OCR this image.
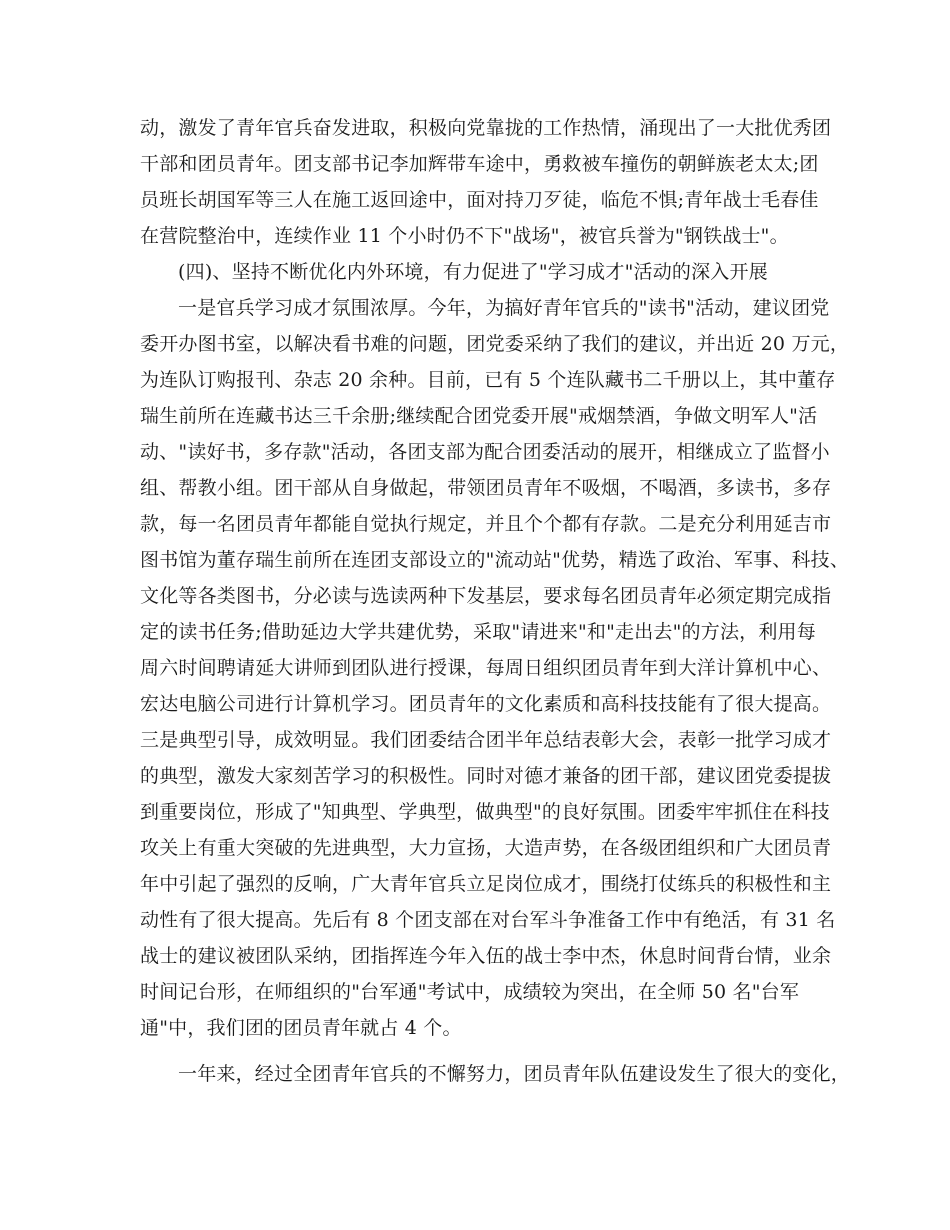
动，激发了青年官兵奋发进取，积极向党靠拢的工作热情，涌现出了一大批优秀团
干部和团员青年。团支部书记李加辉带车途中，勇救被车撞伤的朝鲜族老太太;团
员班长胡国军等三人在施工返回途中，面对持刀歹徒，临危不惧;青年战士毛春佳
在营院整治中，连续作业 11 个小时仍不下"战场"，被官兵誉为"钢铁战士"。
(四)、坚持不断优化内外环境，有力促进了"学习成才"活动的深入开展
一是官兵学习成才氛围浓厚。今年，为搞好青年官兵的"读书"活动，建议团党
委开办图书室，以解决看书难的问题，团党委采纳了我们的建议，并出近 20 万元，
为连队订购报刊、杂志 20 余种。目前，已有 5 个连队藏书二千册以上，其中董存
瑞生前所在连藏书达三千余册;继续配合团党委开展"戒烟禁酒，争做文明军人"活
动、"读好书，多存款"活动，各团支部为配合团委活动的展开，相继成立了监督小
组、帮教小组。团干部从自身做起，带领团员青年不吸烟，不喝酒，多读书，多存
款，每一名团员青年都能自觉执行规定，并且个个都有存款。二是充分利用延吉市
图书馆为董存瑞生前所在连团支部设立的"流动站"优势，精选了政治、军事、科技、
文化等各类图书，分必读与选读两种下发基层，要求每名团员青年必须定期完成指
定的读书任务;借助延边大学共建优势，采取"请进来"和"走出去"的方法，利用每
周六时间聘请延大讲师到团队进行授课，每周日组织团员青年到大洋计算机中心、
宏达电脑公司进行计算机学习。团员青年的文化素质和高科技技能有了很大提高。
三是典型引导，成效明显。我们团委结合团半年总结表彰大会，表彰一批学习成才
的典型，激发大家刻苦学习的积极性。同时对德才兼备的团干部，建议团党委提拔
到重要岗位，形成了"知典型、学典型，做典型"的良好氛围。团委牢牢抓住在科技
攻关上有重大突破的先进典型，大力宣扬，大造声势，在各级团组织和广大团员青
年中引起了强烈的反响，广大青年官兵立足岗位成才，围绕打仗练兵的积极性和主
动性有了很大提高。先后有 8 个团支部在对台军斗争准备工作中有绝活，有 31 名
战士的建议被团队采纳，团指挥连今年入伍的战士李中杰，休息时间背台情，业余
时间记台形，在师组织的"台军通"考试中，成绩较为突出，在全师 50 名"台军
通"中，我们团的团员青年就占 4 个。
一年来，经过全团青年官兵的不懈努力，团员青年队伍建设发生了很大的变化，
